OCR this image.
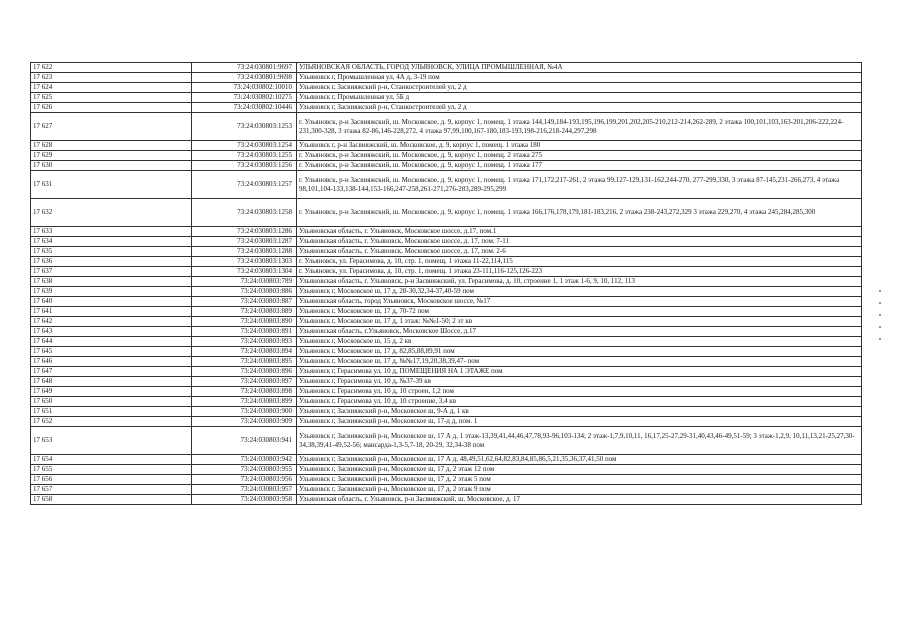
17 622	73:24:030801:9697	УЛЬЯНОВСКАЯ ОБЛАСТЬ, ГОРОД УЛЬЯНОВСК, УЛИЦА ПРОМЫШЛЕННАЯ, №4А
17 623	73:24:030801:9698	Ульяновск г, Промышленная ул, 4А д, 3-19 пом
17 624	73:24:030802:10010	Ульяновск г, Засвияжский р-н, Станкостроителей ул, 2 д
17 625	73:24:030802:10275	Ульяновск г, Промышленная ул, 5Б д
17 626	73:24:030802:10446	Ульяновск г, Засвияжский р-н, Станкостроителей ул, 2 д
17 627	73:24:030803:1253	г. Ульяновск, р-н Засвияжский, ш. Московское, д. 9, корпус 1, помещ. 1 этажа 144,149,184-193,195,196,199,201,202,205-210,212-214,262-289, 2 этажа 100,101,103,163-201,206-222,224-231,300-328, 3 этажа 82-86,146-228,272, 4 этажа 97,99,100,167-180,183-193,198-216,218-244,297,298
17 628	73:24:030803:1254	Ульяновск г, р-н Засвияжский, ш. Московское, д. 9, корпус 1, помещ. 1 этажа 180
17 629	73:24:030803:1255	г. Ульяновск, р-н Засвияжский, ш. Московское, д. 9, корпус 1, помещ. 2 этажа 275
17 630	73:24:030803:1256	г. Ульяновск, р-н Засвияжский, ш. Московское, д. 9, корпус 1, помещ. 1 этажа 177
17 631	73:24:030803:1257	г. Ульяновск, р-н Засвияжский, ш. Московское, д. 9, корпус 1, помещ. 1 этажа 171,172,217-261, 2 этажа 99,127-129,131-162,244-270, 277-299,330, 3 этажа 87-145,231-266,273, 4 этажа 98,101,104-133,138-144,153-166,247-258,261-271,276-283,289-295,299
17 632	73:24:030803:1258	г. Ульяновск, р-н Засвияжский, ш. Московское, д. 9, корпус 1, помещ. 1 этажа 166,176,178,179,181-183,216, 2 этажа 238-243,272,329 3 этажа 229,270, 4 этажа 245,284,285,300
17 633	73:24:030803:1286	Ульяновская область, г. Ульяновск, Московское шоссе, д.17, пом.1
17 634	73:24:030803:1287	Ульяновская область, г. Ульяновск, Московское шоссе, д. 17, пом. 7-11
17 635	73:24:030803:1288	Ульяновская область, г. Ульяновск, Московское шоссе, д. 17, пом. 2-6
17 636	73:24:030803:1303	г. Ульяновск, ул. Герасимова, д. 10, стр. 1, помещ. 1 этажа 11-22,114,115
17 637	73:24:030803:1304	г. Ульяновск, ул. Герасимова, д. 10, стр. 1, помещ. 1 этажа 23-111,116-125,126-223
17 638	73:24:030803:789	Ульяновская область, г. Ульяновск, р-н Засвияжский, ул. Герасимова, д. 10, строение 1, 1 этаж 1-6, 9, 10, 112, 113
17 639	73:24:030803:886	Ульяновск г, Московское ш, 17 д, 28-30,32,34-37,40-59 пом
17 640	73:24:030803:887	Ульяновская область, город Ульяновск, Московское шоссе, №17
17 641	73:24:030803:889	Ульяновск г, Московское ш, 17 д, 70-72 пом
17 642	73:24:030803:890	Ульяновск г, Московское ш, 17 д, 1 этаж: №№1-50; 2 эт кв
17 643	73:24:030803:891	Ульяновская область, г.Ульяновск, Московское Шоссе, д.17
17 644	73:24:030803:893	Ульяновск г, Московское ш, 15 д, 2 кв
17 645	73:24:030803:894	Ульяновск г, Московское ш, 17 д, 82,85,88,89,91 пом
17 646	73:24:030803:895	Ульяновск г, Московское ш, 17 д, №№17,19,20,38,39,47- пом
17 647	73:24:030803:896	Ульяновск г, Герасимова ул, 10 д, ПОМЕЩЕНИЯ НА 1 ЭТАЖЕ пом
17 648	73:24:030803:897	Ульяновск г, Герасимова ул, 10 д, №37-39 кв
17 649	73:24:030803:898	Ульяновск г, Герасимова ул, 10 д, 10 строен, 1,2 пом
17 650	73:24:030803:899	Ульяновск г, Герасимова ул, 10 д, 10 строение, 3,4 кв
17 651	73:24:030803:900	Ульяновск г, Засвияжский р-н, Московское ш, 9-А д, 1 кв
17 652	73:24:030803:909	Ульяновск г, Засвияжский р-н, Московское ш, 17-д д, пом. 1
17 653	73:24:030803:941	Ульяновск г, Засвияжский р-н, Московское ш, 17 А д, 1 этаж-13,39,41,44,46,47,78,93-96,103-134; 2 этаж-1,7,9,10,11, 16,17,25-27,29-31,40,43,46-49,51-59; 3 этаж-1,2,9, 10,11,13,21-25,27,30-34,38,39,41-49,52-56; мансарда-1,3-5,7-18, 20-29, 32,34-38 пом
17 654	73:24:030803:942	Ульяновск г, Засвияжский р-н, Московское ш, 17 А д, 48,49,51,62,64,82,83,84,85,86,5,21,35,36,37,41,50 пом
17 655	73:24:030803:955	Ульяновск г, Засвияжский р-н, Московское ш, 17 д, 2 этаж 12 пом
17 656	73:24:030803:956	Ульяновск г, Засвияжский р-н, Московское ш, 17 д, 2 этаж 5 пом
17 657	73:24:030803:957	Ульяновск г, Засвияжский р-н, Московское ш, 17 д, 2 этаж 9 пом
17 658	73:24:030803:958	Ульяновская область, г. Ульяновск, р-н Засвияжский, ш. Московское, д. 17
